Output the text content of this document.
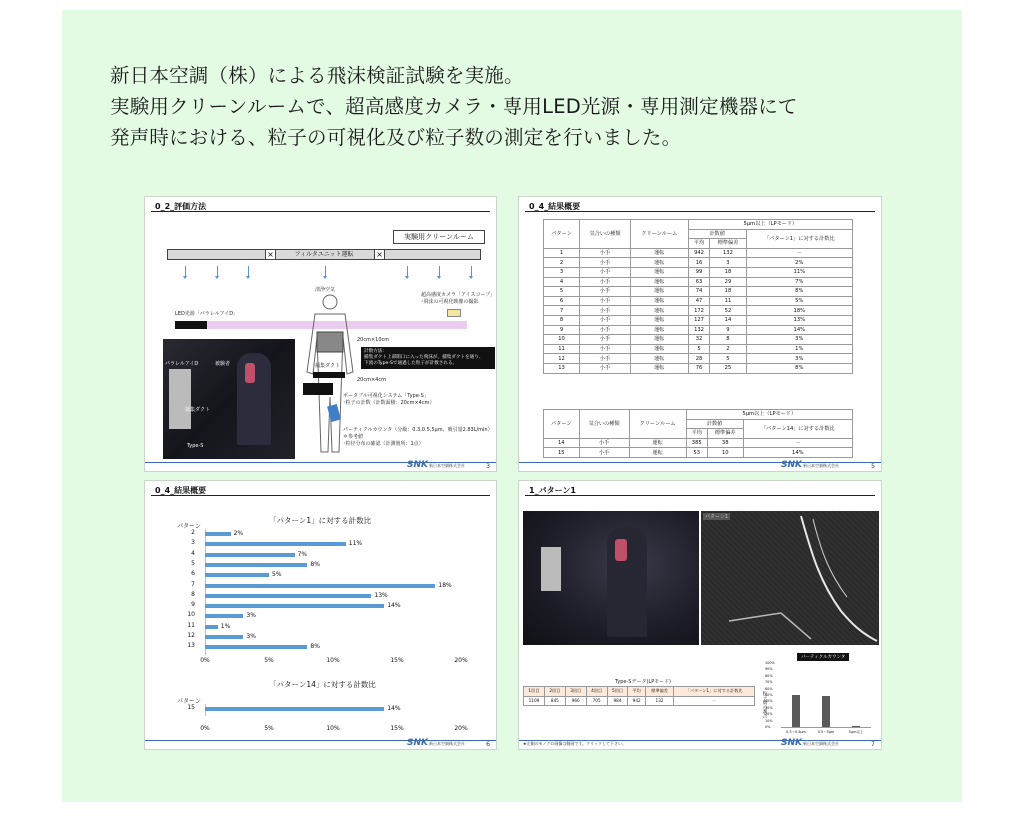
新日本空調（株）による飛沫検証試験を実施。
実験用クリーンルームで、超高感度カメラ・専用LED光源・専用測定機器にて
発声時における、粒子の可視化及び粒子数の測定を行いました。
0_2_評価方法
実験用クリーンルーム
フィルタユニット運転
×	×
清浄空気
超高感度カメラ「アイスコープ」
･飛沫の可視化映像の撮影
LED光源「パラレルアイD」
20cm×10cm
捕集ダクト
20cm×4cm
計数方法：
捕集ダクト上部開口に入った飛沫が、捕集ダクトを通り、
下流のType-Sで通過した粒子が計数される。
ポータブル可視化システム「Type-S」
･粒子の計数（計数面積：20cm×4cm）
パーティクルカウンタ（分級：0.3,0.5,5μm、吸引量2.83L/min）
＊参考値
･粒径分布の確認（計測箇所：1点）
パラレルアイD	被験者
捕集ダクト
Type-S
SNK 新日本空調株式会社	3
0_4_結果概要
パターン	気合いの種類	クリーンルーム	5μm以上（LPモード）		
			計数値		「パターン1」に対する計数比
			平均	標準偏差	
1	小手	運転	942	132	－
2	小手	運転	16	3	2%
3	小手	運転	99	18	11%
4	小手	運転	63	29	7%
5	小手	運転	74	18	8%
6	小手	運転	47	11	5%
7	小手	運転	172	52	18%
8	小手	運転	127	14	13%
9	小手	運転	132	9	14%
10	小手	運転	32	8	3%
11	小手	運転	5	2	1%
12	小手	運転	28	5	3%
13	小手	運転	76	25	8%
パターン	気合いの種類	クリーンルーム	5μm以上（LPモード）		
			計数値		「パターン14」に対する計数比
			平均	標準偏差	
14	小手	運転	385	38	－
15	小手	運転	53	10	14%
SNK 新日本空調株式会社	5
0_4_結果概要
「パターン1」に対する計数比
パターン
2	2%
3	11%
4	7%
5	8%
6	5%
7	18%
8	13%
9	14%
10	3%
11	1%
12	3%
13	8%
0%	5%	10%	15%	20%
「パターン14」に対する計数比
パターン
15	14%
0%	5%	10%	15%	20%
SNK 新日本空調株式会社	6
1_パターン1
パターン1
Type-Sデータ(LPモード)
1回目	2回目	3回目	4回目	5回目	平均	標準偏差	「パターン1」に対する計数比
1109	845	966	705	984	942	132	－
パーティクルカウンタ
粒子数の割合
100%
90%
80%
70%
60%
50%
40%
30%
20%
10%
0%
0.3～0.5μm	0.5～5μm	5μm以上
★左側のモノクロ画像は動画です。クリックして下さい。	SNK 新日本空調株式会社	7
